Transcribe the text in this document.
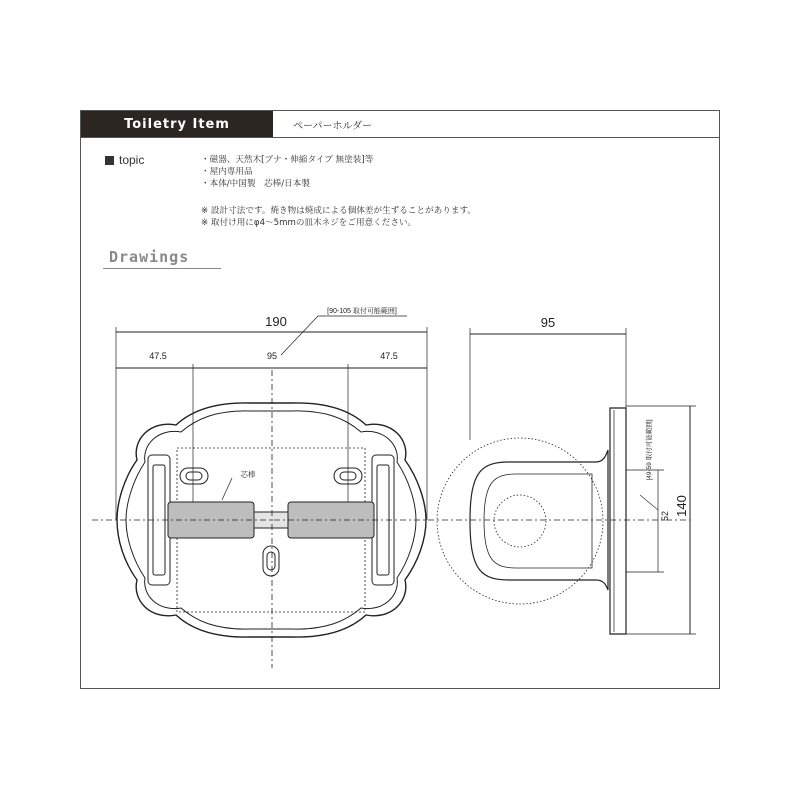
Toiletry Item	ペーパーホルダー
topic	・磁器、天然木[ブナ・伸縮タイプ 無塗装]等
・屋内専用品
・本体/中国製　芯棒/日本製
※ 設計寸法です。焼き物は焼成による個体差が生ずることがあります。
※ 取付け用にφ4〜5mmの皿木ネジをご用意ください。
Drawings
190
47.5	95	47.5
[90-105 取付可能範囲]
芯棒
95
140
52
[49-59 取付可能範囲]
